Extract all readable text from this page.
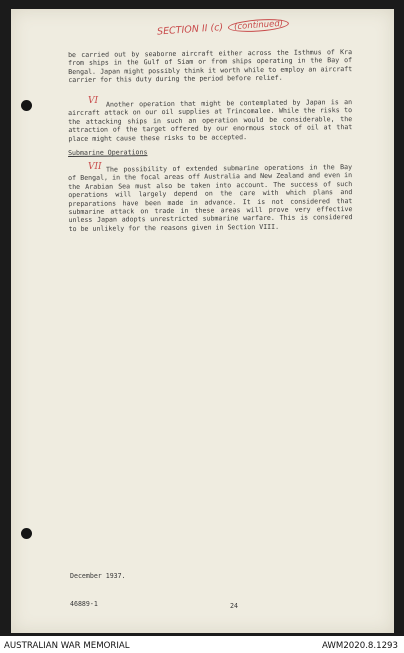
SECTION II (c) (continued)
VI
VII

be carried out by seaborne aircraft either across the Isthmus of Kra from ships in the Gulf of Siam or from ships operating in the Bay of Bengal. Japan might possibly think it worth while to employ an aircraft carrier for this duty during the period before relief.

Another operation that might be contemplated by Japan is an aircraft attack on our oil supplies at Trincomalee. While the risks to the attacking ships in such an operation would be considerable, the attraction of the target offered by our enormous stock of oil at that place might cause these risks to be accepted.

Submarine Operations

The possibility of extended submarine operations in the Bay of Bengal, in the focal areas off Australia and New Zealand and even in the Arabian Sea must also be taken into account. The success of such operations will largely depend on the care with which plans and preparations have been made in advance. It is not considered that submarine attack on trade in these areas will prove very effective unless Japan adopts unrestricted submarine warfare. This is considered to be unlikely for the reasons given in Section VIII.

December 1937.
46889-1	24
AUSTRALIAN WAR MEMORIAL	AWM2020.8.1293
